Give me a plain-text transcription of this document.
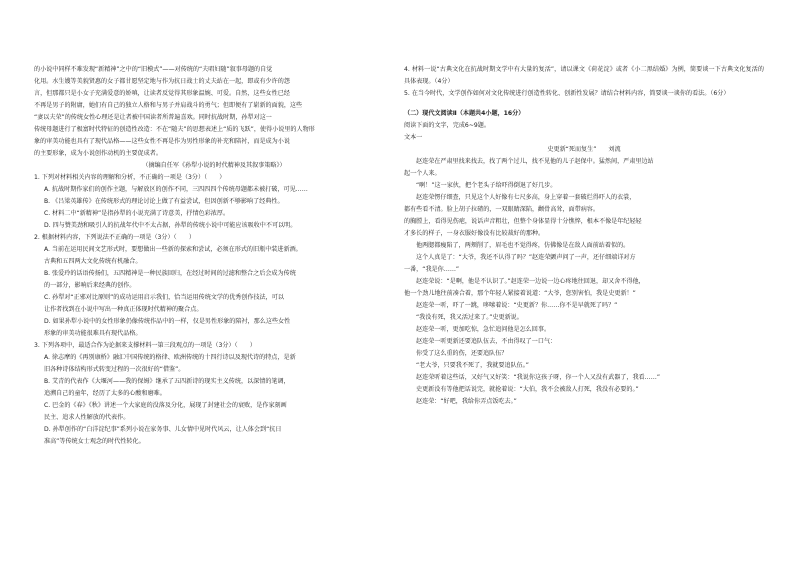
的小说中同样不难发现“新精神”之中的“旧模式”——对传统的“夫唱妇随”叙事母题的自觉

化用。水生嫂等美貌贤惠的女子都甘愿坚定地与作为抗日战士的丈夫站在一起，即或有少许的怨

言，但那都只是小女子充满爱意的娇嗔，让读者反觉得其形象温婉、可爱。自然，这些女性已经

不再是男子的附庸，她们有自己的独立人格和与男子并肩战斗的勇气；但即便有了崭新的面貌，这些

“妻以夫荣”的传统女性心理还是让者被中国读者所普遍喜欢。同时抗战时期，孙犁对这一

传统母题进行了极富时代特征的创造性改造：不在“随夫”的思想表述上“质的飞跃”，使得小说里的人物形

象的审美功能也具有了现代品格——这些女性不再是作为男性形象的补充和陪衬，而是成为小说

的主要形象，成为小说创作动机的主要促成者。

（摘编自任军《孙犁小说的时代精神及其叙事策略》）

1. 下列对材料相关内容的理解和分析，不正确的一项是（3分）（　　）

A. 抗战时期作家们的创作主题，与解放区的创作不同，三四四四个传统母题都未被打破，可见……

B. 《吕梁英雄传》在传统形式的理论讨论上做了有益尝试，但因创新不够影响了经典性。

C. 材料二中“新精神”是指孙犁的小说充满了诗意美，抒情色彩浓厚。

D. 四与赞美劲和吸引人的抗战年代中不太占据，孙犁的传统小说中可能应该吸收中不可以明。

2. 根据材料内容，下列说法不正确的一项是（3分）（　　）

A. 当前在运用民间文艺形式时，要想做出一些新的探索和尝试，必须在形式的旧瓶中装进新酒。

古典和五四两大文化传统有机融合。

B. 张爱玲的话语传扬们，五四精神是一种民族回归，在经过时间的过滤和整合之后会成为传统

的一部分，影响后来经典的创作。

C. 孙犁对“正邪对比原则”的成功运用启示我们，恰当运用传统文学的优秀创作技法，可以

让作者找到在小说中写出一种真正体现时代精神的聚合点。

D. 如果孙犁小说中的女性形象仍像传统作品中的一样，仅是男性形象的陪衬，那么这些女性

形象的审美功能很难具有现代品格。

3. 下列各项中，最适合作为论据来支撑材料一第三段观点的一项是（3分）（　　）

A. 徐志摩的《再别康桥》融汇中国传统的格律、欧洲传统的十四行诗以及现代诗的特点，是新

旧各种诗体结构形式转变过程的一次很好的“借鉴”。

B. 艾青的代表作《大堰河——我的保姆》继承了五四新诗的现实主义传统，以深情的笔调，

追溯自己的童年，经历了太多的心酸和磨难。

C. 巴金的《春》《秋》讲述一个大家庭的没落及分化，展现了封建社会的衰败，是作家刻画

民主、追求人性解放的代表作。

D. 孙犁创作的“白洋淀纪事”系列小说在家务事、儿女情中见时代风云，让人体会到“抗日

准高”等传统女士观念的时代性转化。

4. 材料一说“古典文化在抗战时期文学中有大量的复活”，请以课文《荷花淀》或者《小二黑结婚》为例，简要谈一下古典文化复活的具体表现。（4分）

5. 在当今时代，文学创作如何对文化传统进行创造性转化、创新性发展？请结合材料内容，简要谈一谈你的看法。（6分）

（二）现代文阅读Ⅱ（本题共4小题，16分）

阅读下面的文字，完成6~9题。

文本一

史更新“死而复生” 刘流

赵连荣在严肃里找来找去，找了两个过儿，找不见他的儿子赵保中。猛然间，严肃里边站

起一个人来。

“啊！”这一家伙，把个老头子给吓得倒退了好几步。

赵连荣愣仔细查，只见这个人好像有七尺多高，身上穿着一套破烂得吓人的衣裳，

都有些看不清。脸上胡子拉碴的，一双眼睛深陷，颧骨高耸，面带病容。

的胸膛上，看得见伤疤，说话声音粗壮，但整个身体显得十分憔悴，根本不像是年纪轻轻

才多长的样子，一身衣服好像没有比较裁好的那种。

他两腮都瘦陷了，两颊削了，眉毛也不觉得疼，仿佛像是在敌人面前站着似的。

这个人真是了：“大爷，我还不认得了吗？”赵连荣颤声问了一声，还仔细端详对方

一番，“我是你……”

赵连荣说：“是啊，他是不认识了。”赵连荣一边说一边心疼地往回退，却又舍不得他，

他一个劲儿地往前凑合着，那个年轻人紧接着说道：“大爷，您别害怕，我是史更新！”

赵连荣一听，吓了一跳，哆嗦着说：“史更新？你……你不是早就死了吗？”

“我没有死，我又活过来了。”史更新说。

赵连荣一听，更加吃惊，急忙追问他是怎么回事。

赵连荣一听更新还要追队伍去，不由得叹了一口气：

你受了这么重的伤，还要追队伍？

“老大爷，只要我不死了，我就要追队伍。”

赵连荣听着这些话，又好气又好笑：“我说你这孩子呀，你一个人又没有武器了，我看……”

史更新没有等他把话说完，就抢着说：“大伯，我不会被敌人打死，我没有必要的。”

赵连荣：“好吧，我给你弄点饭吃去。”
